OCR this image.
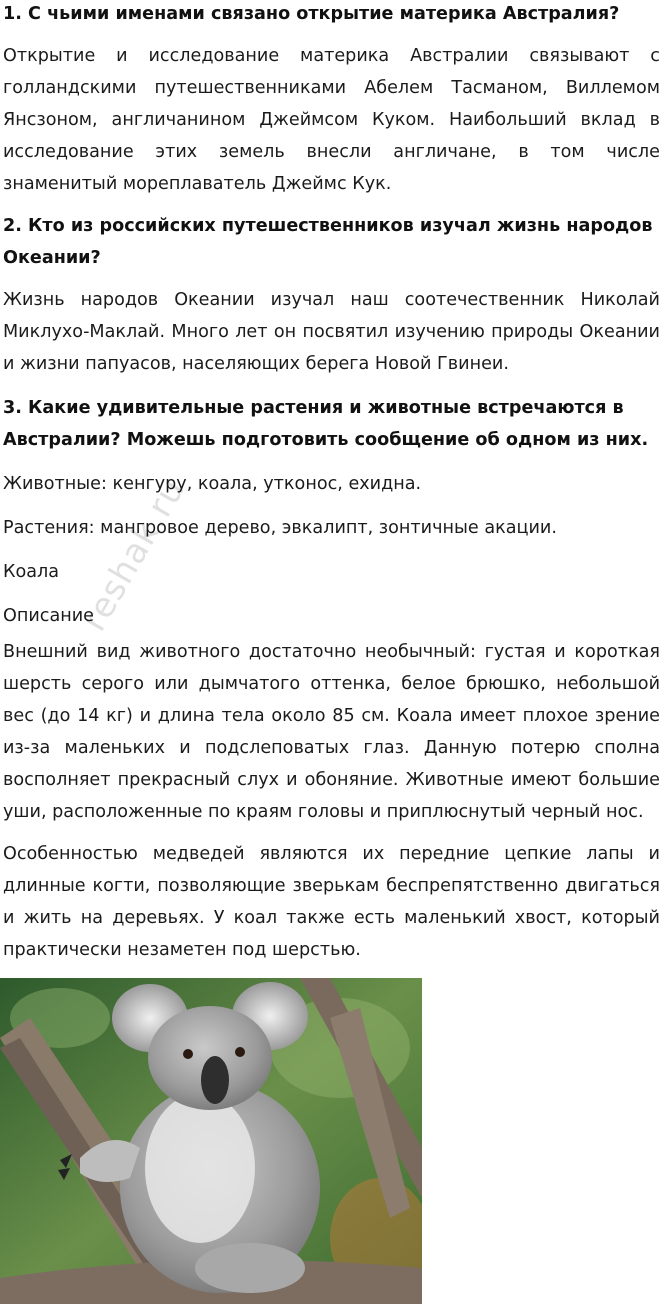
1. С чьими именами связано открытие материка Австралия?

Открытие и исследование материка Австралии связывают с голландскими путешественниками Абелем Тасманом, Виллемом Янсзоном, англичанином Джеймсом Куком. Наибольший вклад в исследование этих земель внесли англичане, в том числе знаменитый мореплаватель Джеймс Кук.

2. Кто из российских путешественников изучал жизнь народов Океании?

Жизнь народов Океании изучал наш соотечественник Николай Миклухо-Маклай. Много лет он посвятил изучению природы Океании и жизни папуасов, населяющих берега Новой Гвинеи.

3. Какие удивительные растения и животные встречаются в Австралии? Можешь подготовить сообщение об одном из них.

Животные: кенгуру, коала, утконос, ехидна.

Растения: мангровое дерево, эвкалипт, зонтичные акации.

Коала

Описание

Внешний вид животного достаточно необычный: густая и короткая шерсть серого или дымчатого оттенка, белое брюшко, небольшой вес (до 14 кг) и длина тела около 85 см. Коала имеет плохое зрение из-за маленьких и подслеповатых глаз. Данную потерю сполна восполняет прекрасный слух и обоняние. Животные имеют большие уши, расположенные по краям головы и приплюснутый черный нос.

Особенностью медведей являются их передние цепкие лапы и длинные когти, позволяющие зверькам беспрепятственно двигаться и жить на деревьях. У коал также есть маленький хвост, который практически незаметен под шерстью.

reshak.ru
